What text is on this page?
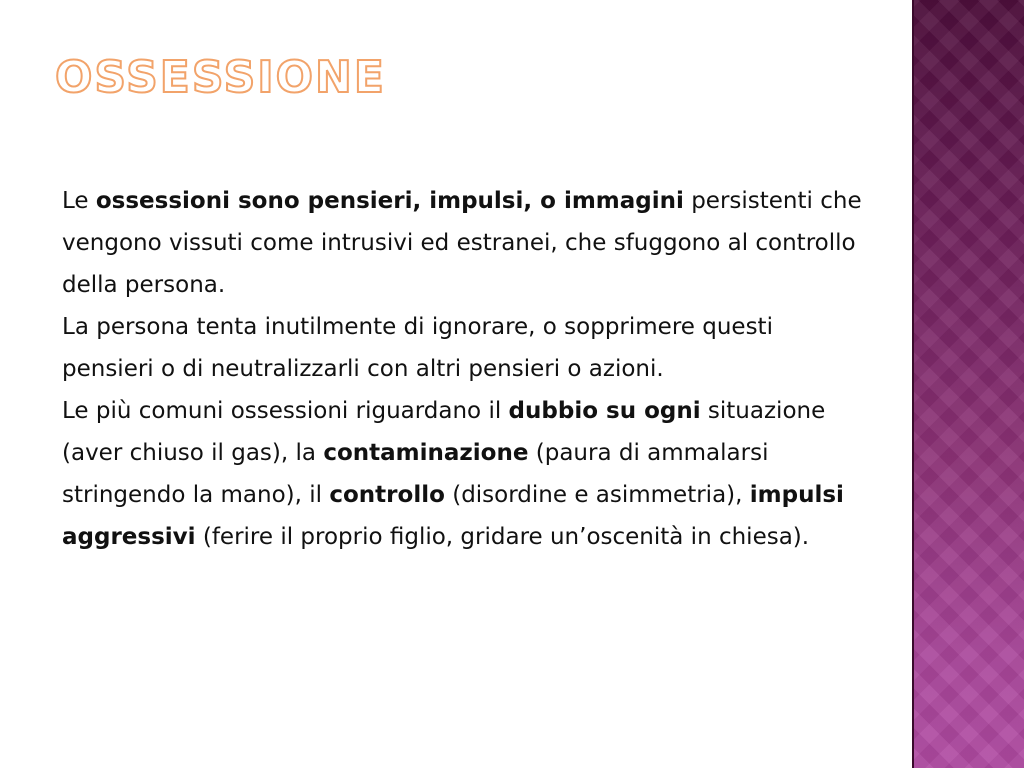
OSSESSIONE

Le ossessioni sono pensieri, impulsi, o immagini persistenti che vengono vissuti come intrusivi ed estranei, che sfuggono al controllo della persona.

La persona tenta inutilmente di ignorare, o sopprimere questi pensieri o di neutralizzarli con altri pensieri o azioni.

Le più comuni ossessioni riguardano il dubbio su ogni situazione (aver chiuso il gas), la contaminazione (paura di ammalarsi stringendo la mano), il controllo (disordine e asimmetria), impulsi aggressivi (ferire il proprio figlio, gridare un’oscenità in chiesa).
